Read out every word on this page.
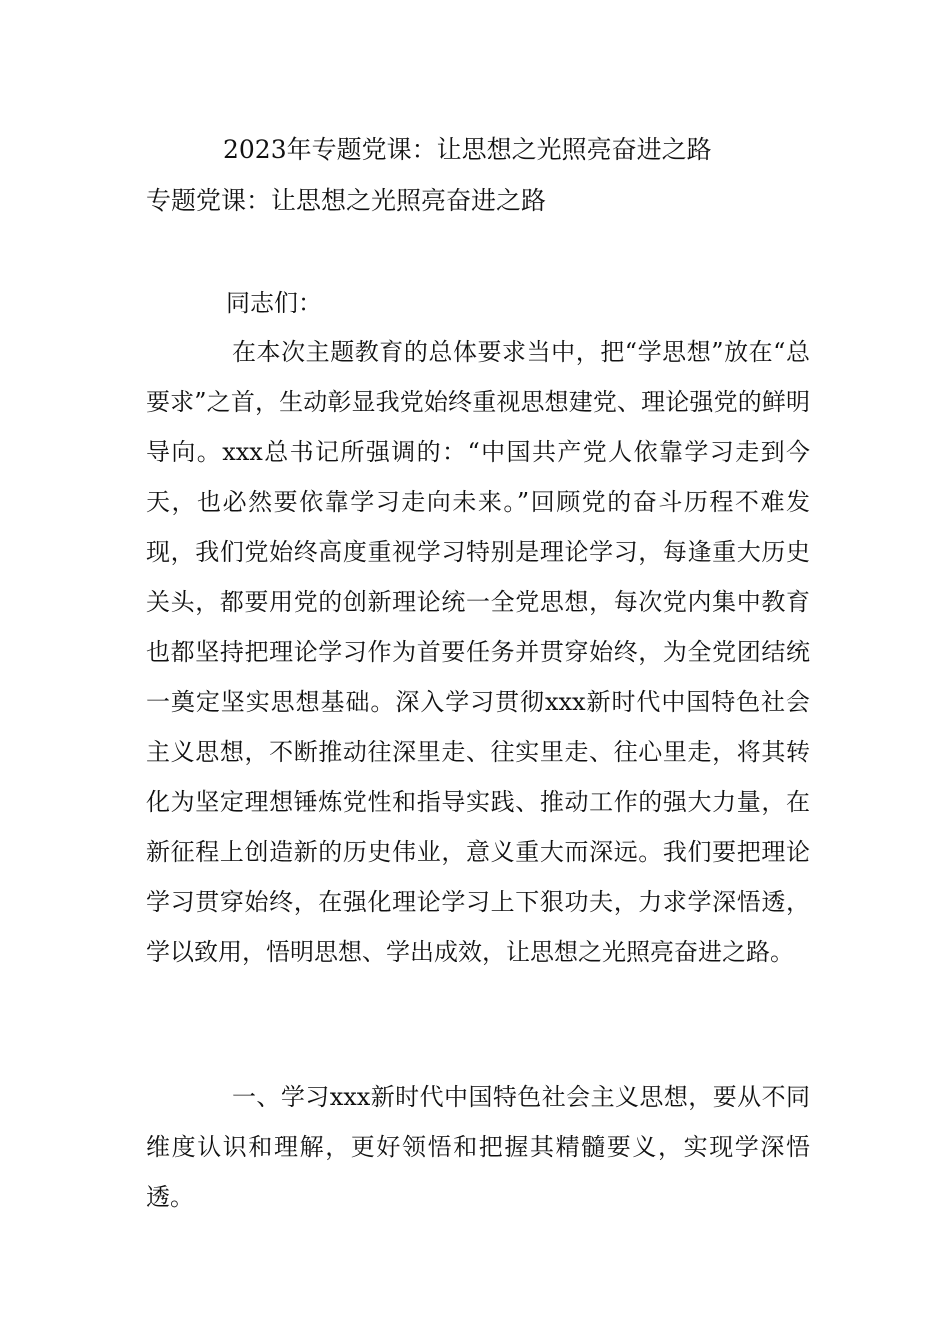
2023年专题党课：让思想之光照亮奋进之路
专题党课：让思想之光照亮奋进之路

同志们：

在本次主题教育的总体要求当中，把“学思想”放在“总要求”之首，生动彰显我党始终重视思想建党、理论强党的鲜明导向。xxx总书记所强调的：“中国共产党人依靠学习走到今天，也必然要依靠学习走向未来。”回顾党的奋斗历程不难发现，我们党始终高度重视学习特别是理论学习，每逢重大历史关头，都要用党的创新理论统一全党思想，每次党内集中教育也都坚持把理论学习作为首要任务并贯穿始终，为全党团结统一奠定坚实思想基础。深入学习贯彻xxx新时代中国特色社会主义思想，不断推动往深里走、往实里走、往心里走，将其转化为坚定理想锤炼党性和指导实践、推动工作的强大力量，在新征程上创造新的历史伟业，意义重大而深远。我们要把理论学习贯穿始终，在强化理论学习上下狠功夫，力求学深悟透，学以致用，悟明思想、学出成效，让思想之光照亮奋进之路。

一、学习xxx新时代中国特色社会主义思想，要从不同维度认识和理解，更好领悟和把握其精髓要义，实现学深悟透。
